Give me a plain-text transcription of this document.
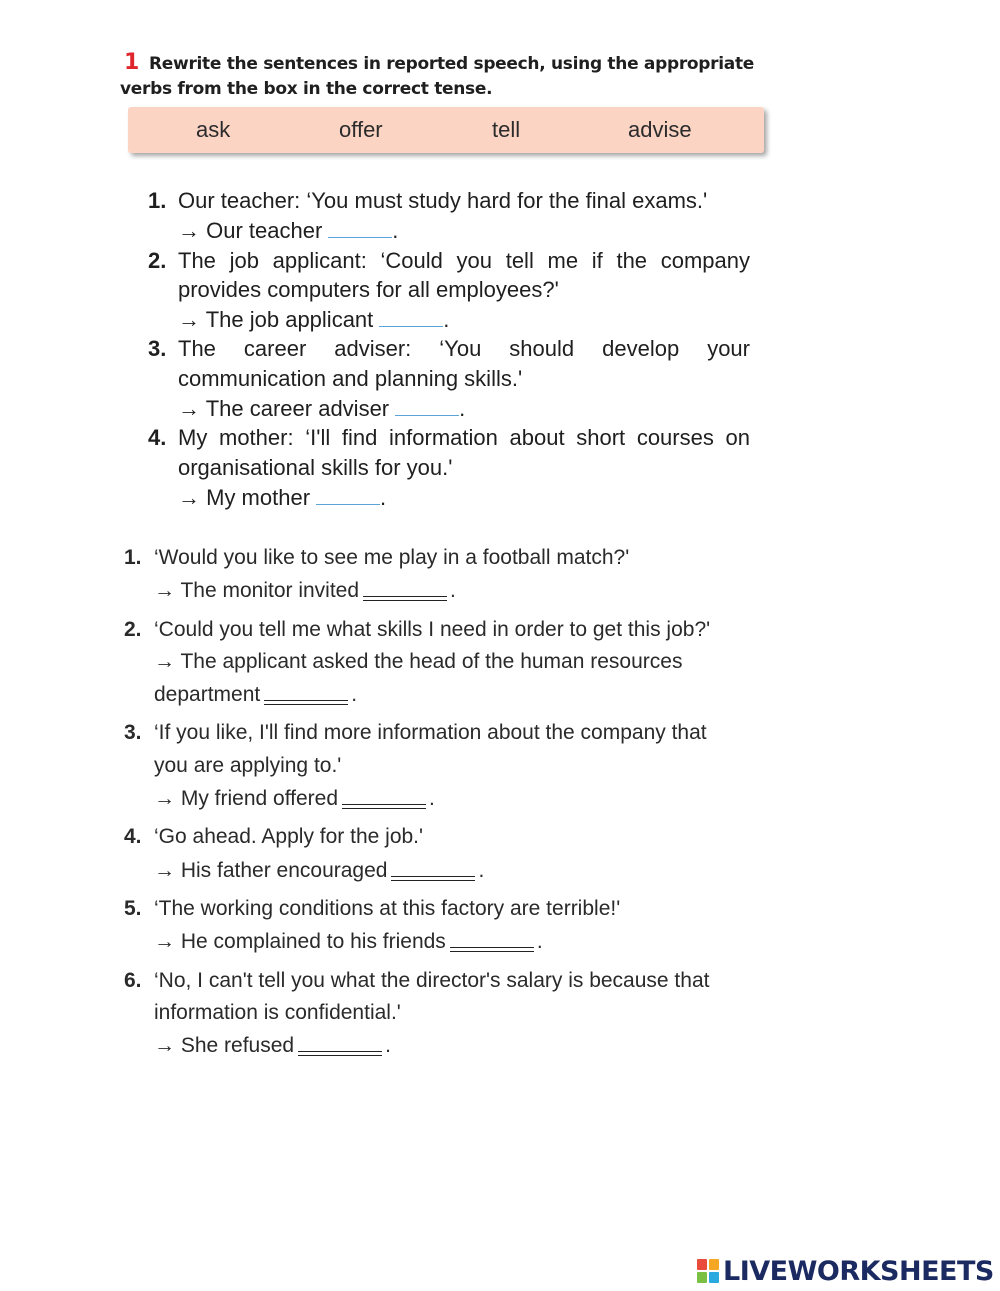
1 Rewrite the sentences in reported speech, using the appropriate verbs from the box in the correct tense.
ask	offer	tell	advise
1. Our teacher: ‘You must study hard for the final exams.'
→ Our teacher	.
2. The job applicant: ‘Could you tell me if the company provides computers for all employees?'
→ The job applicant	.
3. The career adviser: ‘You should develop your communication and planning skills.'
→ The career adviser	.
4. My mother: ‘I'll find information about short courses on organisational skills for you.'
→ My mother	.
1. ‘Would you like to see me play in a football match?'
→ The monitor invited	.
2. ‘Could you tell me what skills I need in order to get this job?'
→ The applicant asked the head of the human resources department	.
3. ‘If you like, I'll find more information about the company that you are applying to.'
→ My friend offered	.
4. ‘Go ahead. Apply for the job.'
→ His father encouraged	.
5. ‘The working conditions at this factory are terrible!'
→ He complained to his friends	.
6. ‘No, I can't tell you what the director's salary is because that information is confidential.'
→ She refused	.
LIVEWORKSHEETS
